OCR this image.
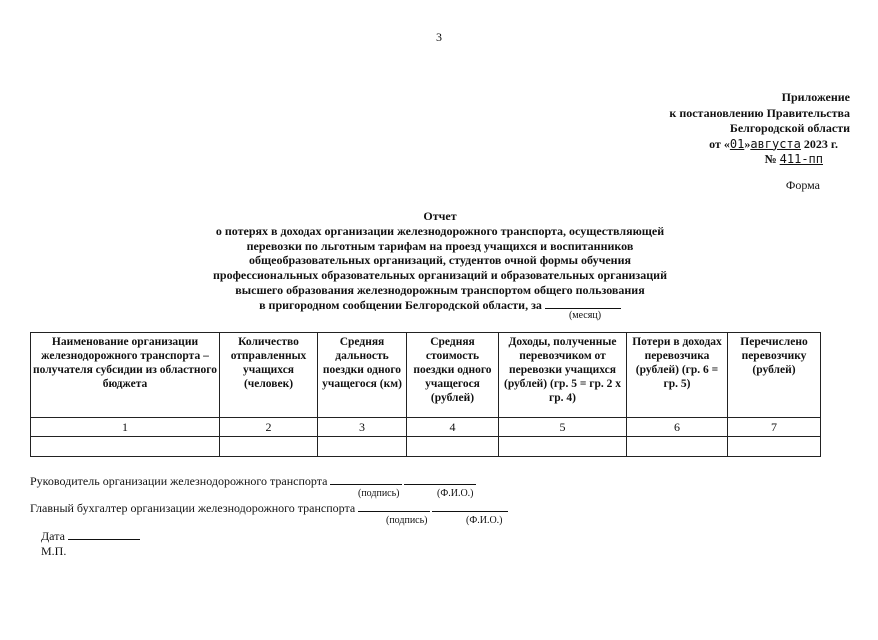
3
Приложение
к постановлению Правительства
Белгородской области
от «01»августа 2023 г.
№ 411-пп
Форма
Отчет
о потерях в доходах организации железнодорожного транспорта, осуществляющей
перевозки по льготным тарифам на проезд учащихся и воспитанников
общеобразовательных организаций, студентов очной формы обучения
профессиональных образовательных организаций и образовательных организаций
высшего образования железнодорожным транспортом общего пользования
в пригородном сообщении Белгородской области, за
(месяц)
Наименование организации железнодорожного транспорта – получателя субсидии из областного бюджета	Количество отправленных учащихся (человек)	Средняя дальность поездки одного учащегося (км)	Средняя стоимость поездки одного учащегося (рублей)	Доходы, полученные перевозчиком от перевозки учащихся (рублей) (гр. 5 = гр. 2 х гр. 4)	Потери в доходах перевозчика (рублей) (гр. 6 = гр. 5)	Перечислено перевозчику (рублей)
1	2	3	4	5	6	7

Руководитель организации железнодорожного транспорта
(подпись)	(Ф.И.О.)
Главный бухгалтер организации железнодорожного транспорта
(подпись)	(Ф.И.О.)
Дата
М.П.
